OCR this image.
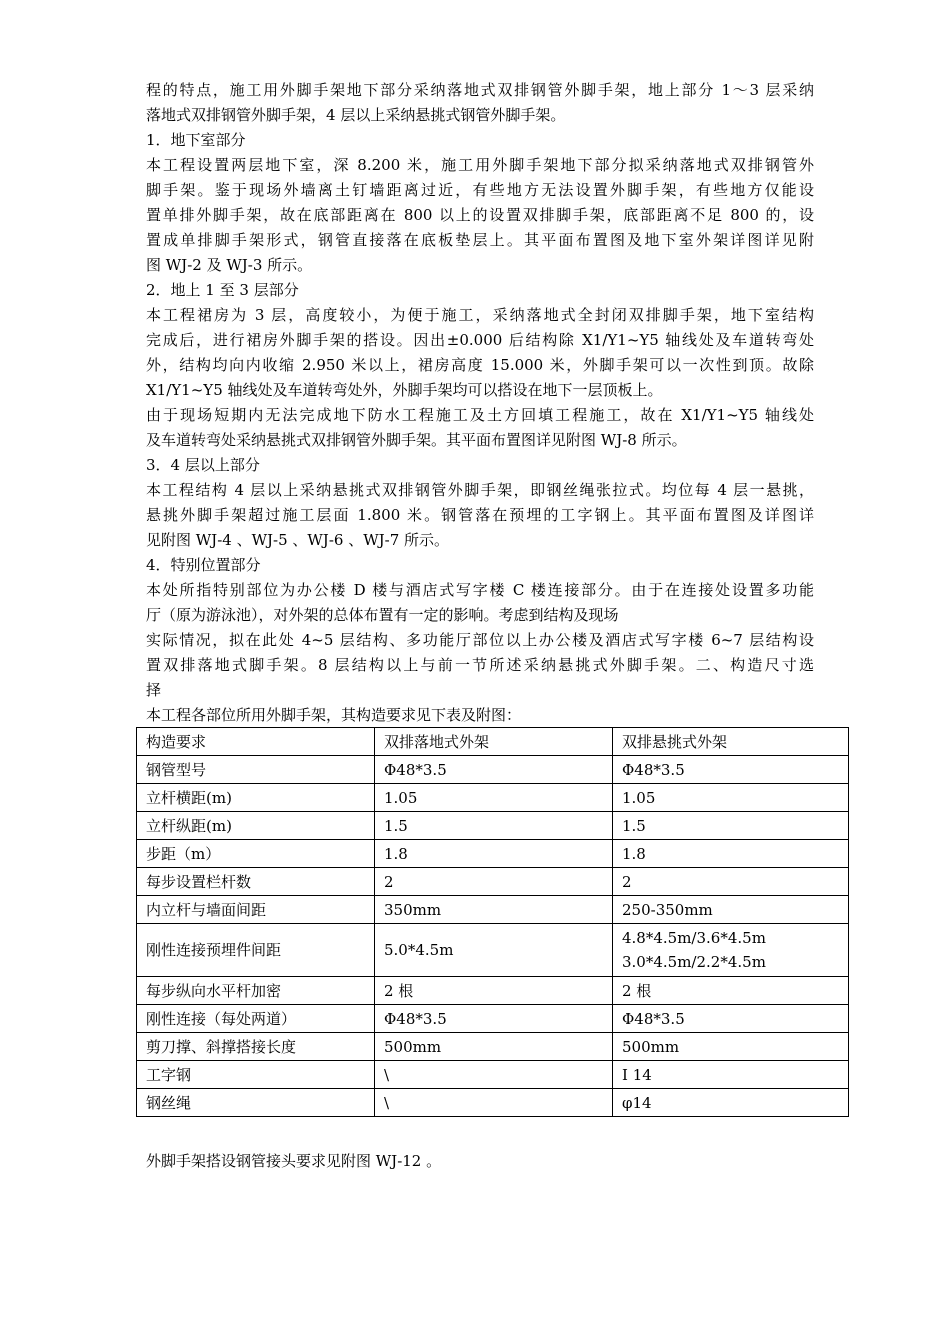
程的特点，施工用外脚手架地下部分采纳落地式双排钢管外脚手架，地上部分 1～3 层采纳
落地式双排钢管外脚手架，4 层以上采纳悬挑式钢管外脚手架。
1．地下室部分
本工程设置两层地下室，深 8.200 米，施工用外脚手架地下部分拟采纳落地式双排钢管外
脚手架。鉴于现场外墙离土钉墙距离过近，有些地方无法设置外脚手架，有些地方仅能设
置单排外脚手架，故在底部距离在 800 以上的设置双排脚手架，底部距离不足 800 的，设
置成单排脚手架形式，钢管直接落在底板垫层上。其平面布置图及地下室外架详图详见附
图 WJ-2 及 WJ-3 所示。
2．地上 1 至 3 层部分
本工程裙房为 3 层，高度较小，为便于施工，采纳落地式全封闭双排脚手架，地下室结构
完成后，进行裙房外脚手架的搭设。因出±0.000 后结构除 X1/Y1~Y5 轴线处及车道转弯处
外，结构均向内收缩 2.950 米以上，裙房高度 15.000 米，外脚手架可以一次性到顶。故除
X1/Y1~Y5 轴线处及车道转弯处外，外脚手架均可以搭设在地下一层顶板上。
由于现场短期内无法完成地下防水工程施工及土方回填工程施工，故在 X1/Y1~Y5 轴线处
及车道转弯处采纳悬挑式双排钢管外脚手架。其平面布置图详见附图 WJ-8 所示。
3．4 层以上部分
本工程结构 4 层以上采纳悬挑式双排钢管外脚手架，即钢丝绳张拉式。均位每 4 层一悬挑，
悬挑外脚手架超过施工层面 1.800 米。钢管落在预埋的工字钢上。其平面布置图及详图详
见附图 WJ-4 、WJ-5 、WJ-6 、WJ-7 所示。
4．特别位置部分
本处所指特别部位为办公楼 D 楼与酒店式写字楼 C 楼连接部分。由于在连接处设置多功能
厅（原为游泳池），对外架的总体布置有一定的影响。考虑到结构及现场
实际情况，拟在此处 4~5 层结构、多功能厅部位以上办公楼及酒店式写字楼 6~7 层结构设
置双排落地式脚手架。8 层结构以上与前一节所述采纳悬挑式外脚手架。二、构造尺寸选
择
本工程各部位所用外脚手架，其构造要求见下表及附图：
构造要求	双排落地式外架	双排悬挑式外架
钢管型号	Φ48*3.5	Φ48*3.5
立杆横距(m)	1.05	1.05
立杆纵距(m)	1.5	1.5
步距（m）	1.8	1.8
每步设置栏杆数	2	2
内立杆与墙面间距	350mm	250-350mm
刚性连接预埋件间距	5.0*4.5m	4.8*4.5m/3.6*4.5m
3.0*4.5m/2.2*4.5m
每步纵向水平杆加密	2 根	2 根
刚性连接（每处两道）	Φ48*3.5	Φ48*3.5
剪刀撑、斜撑搭接长度	500mm	500mm
工字钢	\	I 14
钢丝绳	\	φ14
外脚手架搭设钢管接头要求见附图 WJ-12 。
